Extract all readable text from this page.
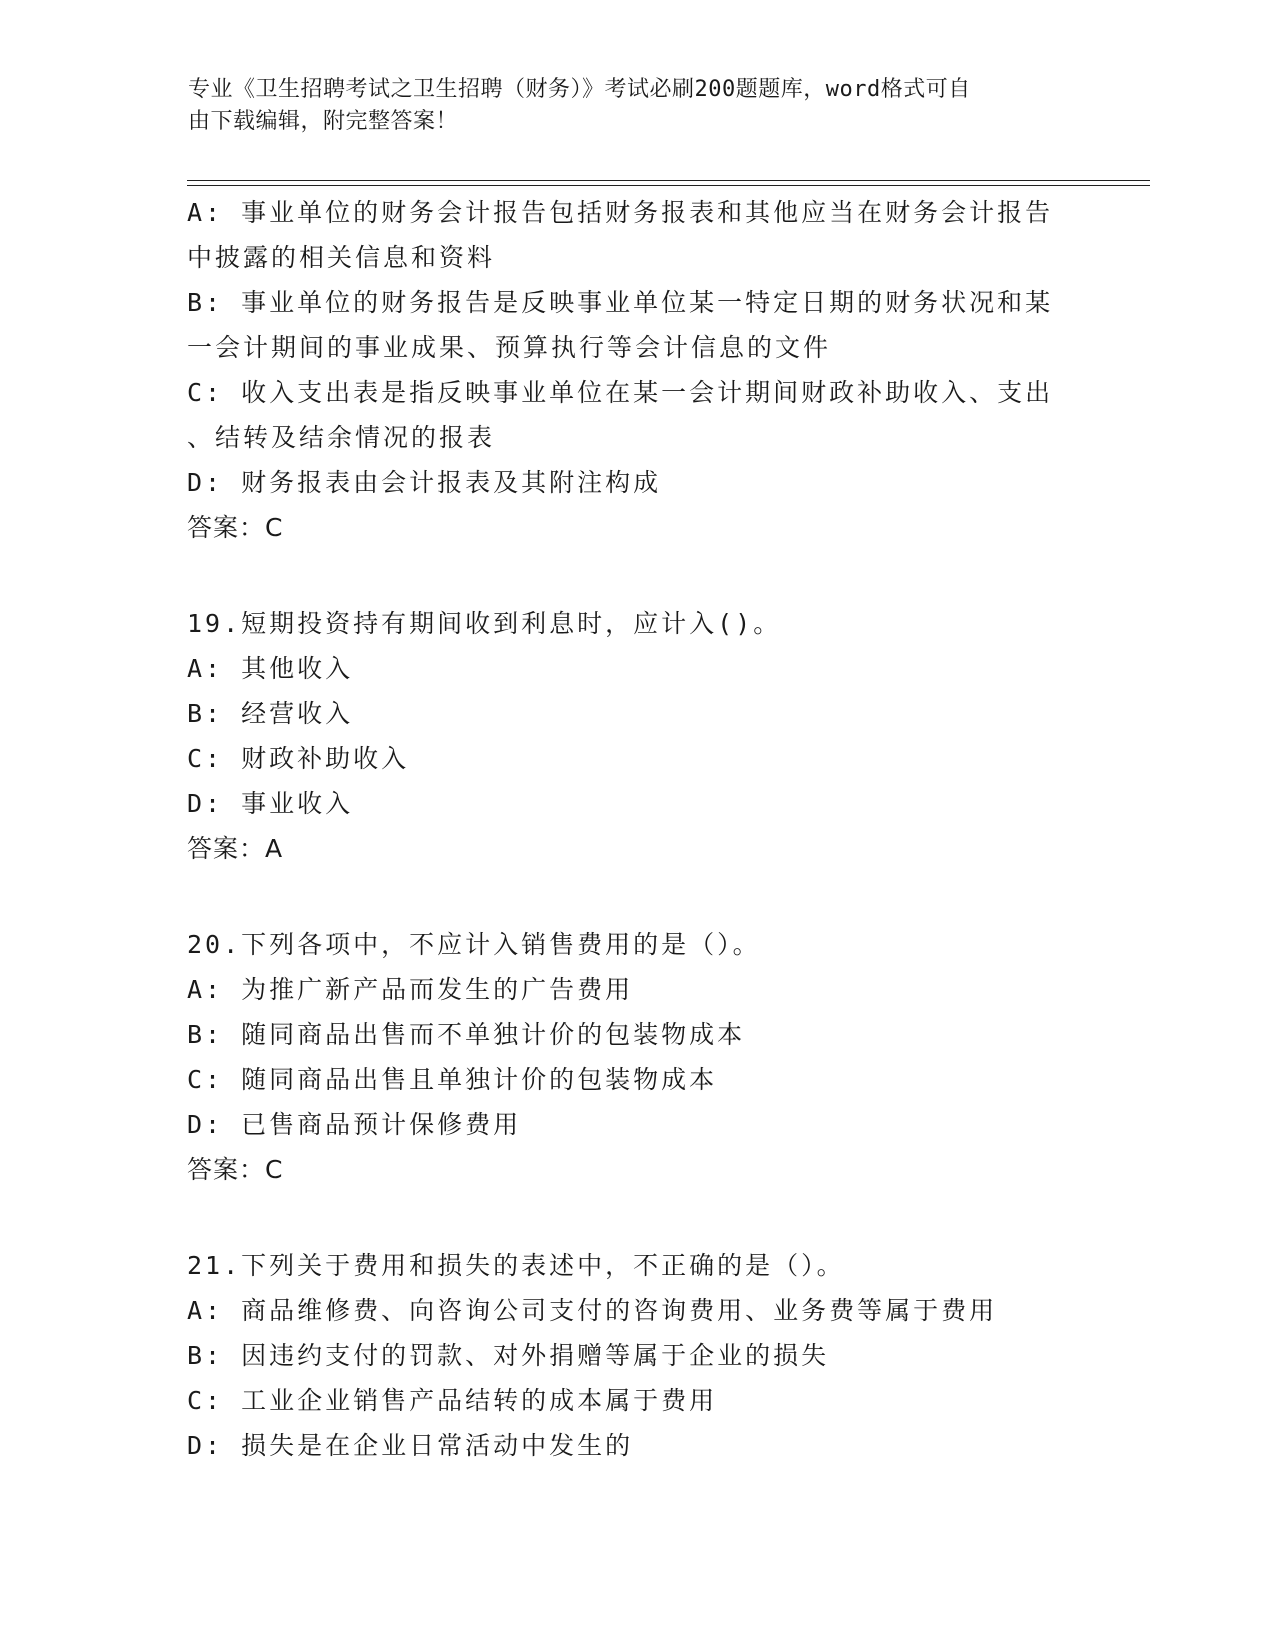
专业《卫生招聘考试之卫生招聘（财务）》考试必刷200题题库，word格式可自
由下载编辑，附完整答案！
A: 事业单位的财务会计报告包括财务报表和其他应当在财务会计报告
中披露的相关信息和资料
B: 事业单位的财务报告是反映事业单位某一特定日期的财务状况和某
一会计期间的事业成果、预算执行等会计信息的文件
C: 收入支出表是指反映事业单位在某一会计期间财政补助收入、支出
、结转及结余情况的报表
D: 财务报表由会计报表及其附注构成
答案：C
19.短期投资持有期间收到利息时，应计入()。
A: 其他收入
B: 经营收入
C: 财政补助收入
D: 事业收入
答案：A
20.下列各项中，不应计入销售费用的是（）。
A: 为推广新产品而发生的广告费用
B: 随同商品出售而不单独计价的包装物成本
C: 随同商品出售且单独计价的包装物成本
D: 已售商品预计保修费用
答案：C
21.下列关于费用和损失的表述中，不正确的是（）。
A: 商品维修费、向咨询公司支付的咨询费用、业务费等属于费用
B: 因违约支付的罚款、对外捐赠等属于企业的损失
C: 工业企业销售产品结转的成本属于费用
D: 损失是在企业日常活动中发生的
